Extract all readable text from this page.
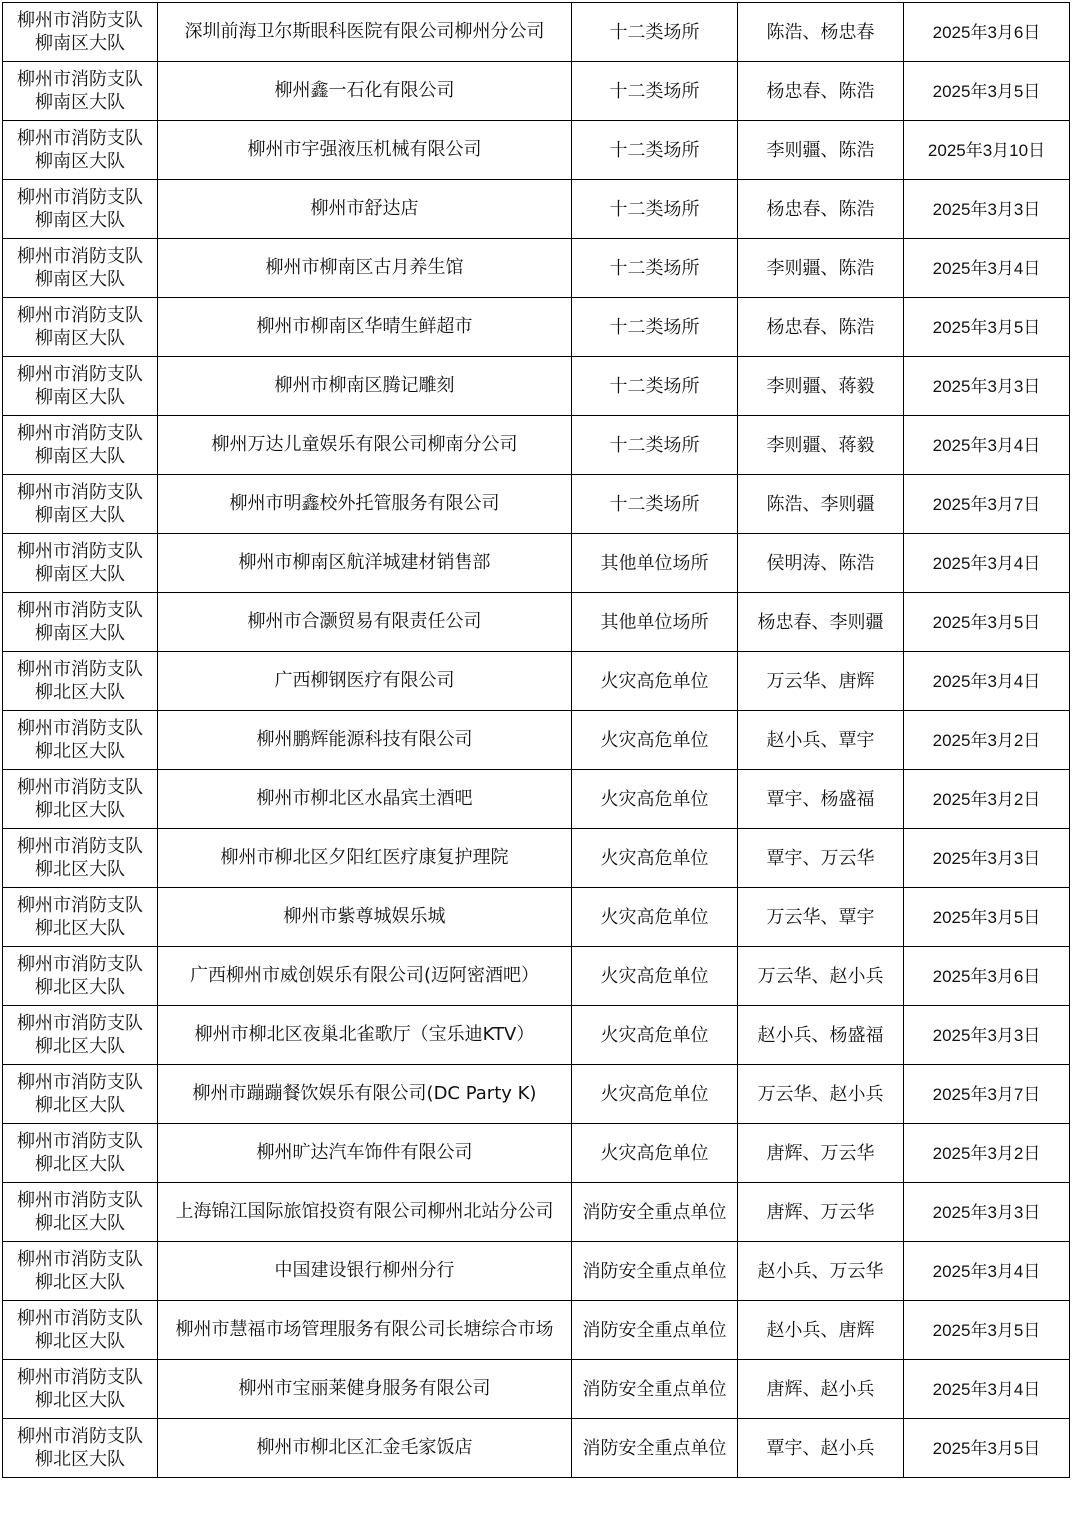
柳州市消防支队
柳南区大队	深圳前海卫尔斯眼科医院有限公司柳州分公司	十二类场所	陈浩、杨忠春	2025年3月6日

柳州市消防支队
柳南区大队	柳州鑫一石化有限公司	十二类场所	杨忠春、陈浩	2025年3月5日

柳州市消防支队
柳南区大队	柳州市宇强液压机械有限公司	十二类场所	李则疆、陈浩	2025年3月10日

柳州市消防支队
柳南区大队	柳州市舒达店	十二类场所	杨忠春、陈浩	2025年3月3日

柳州市消防支队
柳南区大队	柳州市柳南区古月养生馆	十二类场所	李则疆、陈浩	2025年3月4日

柳州市消防支队
柳南区大队	柳州市柳南区华晴生鲜超市	十二类场所	杨忠春、陈浩	2025年3月5日

柳州市消防支队
柳南区大队	柳州市柳南区腾记雕刻	十二类场所	李则疆、蒋毅	2025年3月3日

柳州市消防支队
柳南区大队	柳州万达儿童娱乐有限公司柳南分公司	十二类场所	李则疆、蒋毅	2025年3月4日

柳州市消防支队
柳南区大队	柳州市明鑫校外托管服务有限公司	十二类场所	陈浩、李则疆	2025年3月7日

柳州市消防支队
柳南区大队	柳州市柳南区航洋城建材销售部	其他单位场所	侯明涛、陈浩	2025年3月4日

柳州市消防支队
柳南区大队	柳州市合灏贸易有限责任公司	其他单位场所	杨忠春、李则疆	2025年3月5日

柳州市消防支队
柳北区大队	广西柳钢医疗有限公司	火灾高危单位	万云华、唐辉	2025年3月4日

柳州市消防支队
柳北区大队	柳州鹏辉能源科技有限公司	火灾高危单位	赵小兵、覃宇	2025年3月2日

柳州市消防支队
柳北区大队	柳州市柳北区水晶宾土酒吧	火灾高危单位	覃宇、杨盛福	2025年3月2日

柳州市消防支队
柳北区大队	柳州市柳北区夕阳红医疗康复护理院	火灾高危单位	覃宇、万云华	2025年3月3日

柳州市消防支队
柳北区大队	柳州市紫尊城娱乐城	火灾高危单位	万云华、覃宇	2025年3月5日

柳州市消防支队
柳北区大队	广西柳州市威创娱乐有限公司(迈阿密酒吧）	火灾高危单位	万云华、赵小兵	2025年3月6日

柳州市消防支队
柳北区大队	柳州市柳北区夜巢北雀歌厅（宝乐迪KTV）	火灾高危单位	赵小兵、杨盛福	2025年3月3日

柳州市消防支队
柳北区大队	柳州市蹦蹦餐饮娱乐有限公司(DC Party K)	火灾高危单位	万云华、赵小兵	2025年3月7日

柳州市消防支队
柳北区大队	柳州旷达汽车饰件有限公司	火灾高危单位	唐辉、万云华	2025年3月2日

柳州市消防支队
柳北区大队	上海锦江国际旅馆投资有限公司柳州北站分公司	消防安全重点单位	唐辉、万云华	2025年3月3日

柳州市消防支队
柳北区大队	中国建设银行柳州分行	消防安全重点单位	赵小兵、万云华	2025年3月4日

柳州市消防支队
柳北区大队	柳州市慧福市场管理服务有限公司长塘综合市场	消防安全重点单位	赵小兵、唐辉	2025年3月5日

柳州市消防支队
柳北区大队	柳州市宝丽莱健身服务有限公司	消防安全重点单位	唐辉、赵小兵	2025年3月4日

柳州市消防支队
柳北区大队	柳州市柳北区汇金毛家饭店	消防安全重点单位	覃宇、赵小兵	2025年3月5日
